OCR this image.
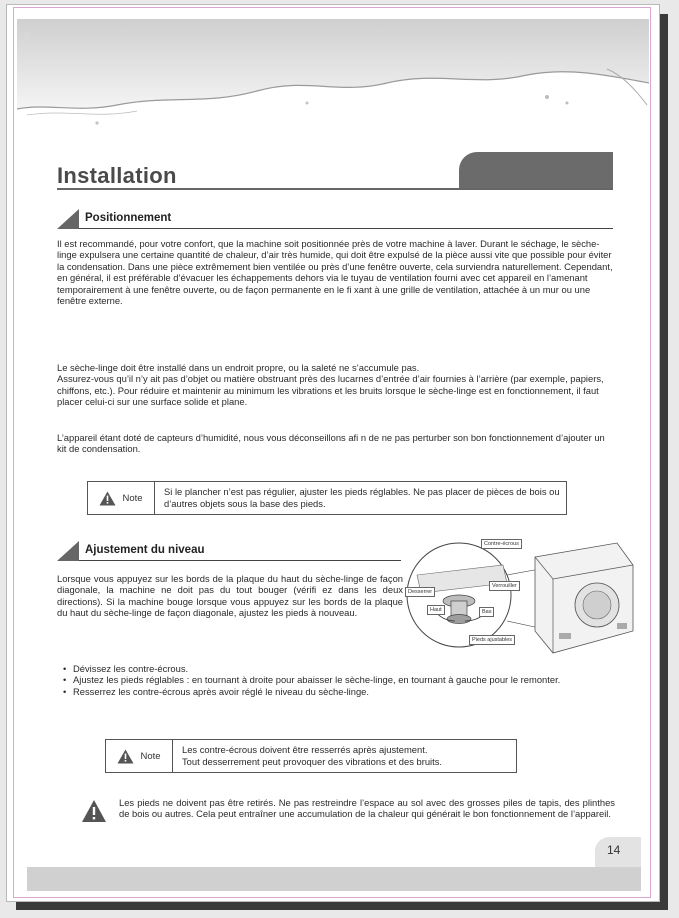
Installation
Positionnement

Il est recommandé, pour votre confort, que la machine soit positionnée près de votre machine à laver. Durant le séchage, le sèche-linge expulsera une certaine quantité de chaleur, d’air très humide, qui doit être expulsé de la pièce aussi vite que possible pour éviter la condensation. Dans une pièce extrêmement bien ventilée ou près d’une fenêtre ouverte, cela surviendra naturellement. Cependant, en général, il est préférable d’évacuer les échappements dehors via le tuyau de ventilation fourni avec cet appareil en l’amenant temporairement à une fenêtre ouverte, ou de façon permanente en le fi xant à une grille de ventilation, attachée à un mur ou une fenêtre externe.

Le sèche-linge doit être installé dans un endroit propre, ou la saleté ne s’accumule pas.
Assurez-vous qu’il n’y ait pas d’objet ou matière obstruant près des lucarnes d’entrée d’air fournies à l’arrière (par exemple, papiers, chiffons, etc.). Pour réduire et maintenir au minimum les vibrations et les bruits lorsque le sèche-linge est en fonctionnement, il faut placer celui-ci sur une surface solide et plane.

L’appareil étant doté de capteurs d’humidité, nous vous déconseillons afi n de ne pas perturber son bon fonctionnement d’ajouter un kit de condensation.

Note
Si le plancher n’est pas régulier, ajuster les pieds réglables. Ne pas placer de pièces de bois ou d’autres objets sous la base des pieds.
Ajustement du niveau

Lorsque vous appuyez sur les bords de la plaque du haut du sèche-linge de façon diagonale, la machine ne doit pas du tout bouger (vérifi ez dans les deux directions). Si la machine bouge lorsque vous appuyez sur les bords de la plaque du haut du sèche-linge de façon diagonale, ajustez les pieds à nouveau.

Contre-écrous
Desserrer
Verrouiller
Haut	Bas
Pieds ajustables
• Dévissez les contre-écrous.
• Ajustez les pieds réglables : en tournant à droite pour abaisser le sèche-linge, en tournant à gauche pour le remonter.
• Resserrez les contre-écrous après avoir réglé le niveau du sèche-linge.
Note
Les contre-écrous doivent être resserrés après ajustement.
Tout desserrement peut provoquer des vibrations et des bruits.

Les pieds ne doivent pas être retirés. Ne pas restreindre l’espace au sol avec des grosses piles de tapis, des plinthes de bois ou autres. Cela peut entraîner une accumulation de la chaleur qui générait le bon fonctionnement de l’appareil.

14
